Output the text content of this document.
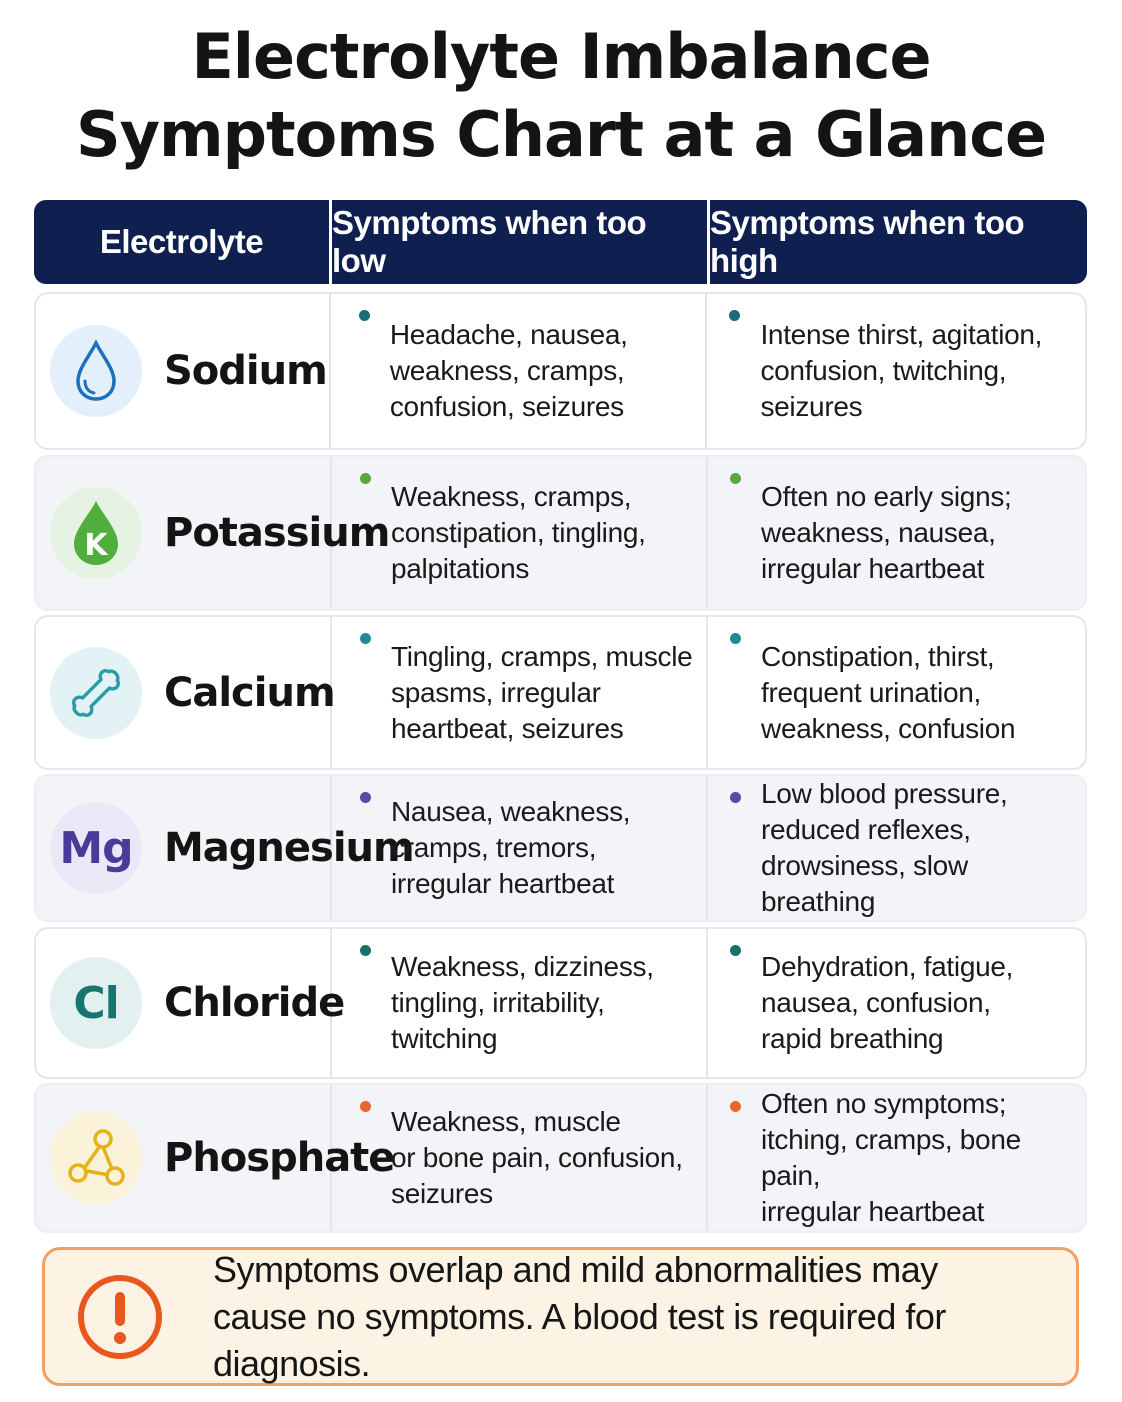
Electrolyte Imbalance
Symptoms Chart at a Glance
Electrolyte
Symptoms when too low
Symptoms when too high
Sodium
Headache, nausea,
weakness, cramps,
confusion, seizures
Intense thirst, agitation,
confusion, twitching,
seizures
K Potassium
Weakness, cramps,
constipation, tingling,
palpitations
Often no early signs;
weakness, nausea,
irregular heartbeat
Calcium
Tingling, cramps, muscle
spasms, irregular
heartbeat, seizures
Constipation, thirst,
frequent urination,
weakness, confusion
Mg Magnesium
Nausea, weakness,
cramps, tremors,
irregular heartbeat
Low blood pressure,
reduced reflexes,
drowsiness, slow breathing
Cl Chloride
Weakness, dizziness,
tingling, irritability,
twitching
Dehydration, fatigue,
nausea, confusion,
rapid breathing
Phosphate
Weakness, muscle
or bone pain, confusion,
seizures
Often no symptoms;
itching, cramps, bone pain,
irregular heartbeat
Symptoms overlap and mild abnormalities may
cause no symptoms. A blood test is required for diagnosis.
